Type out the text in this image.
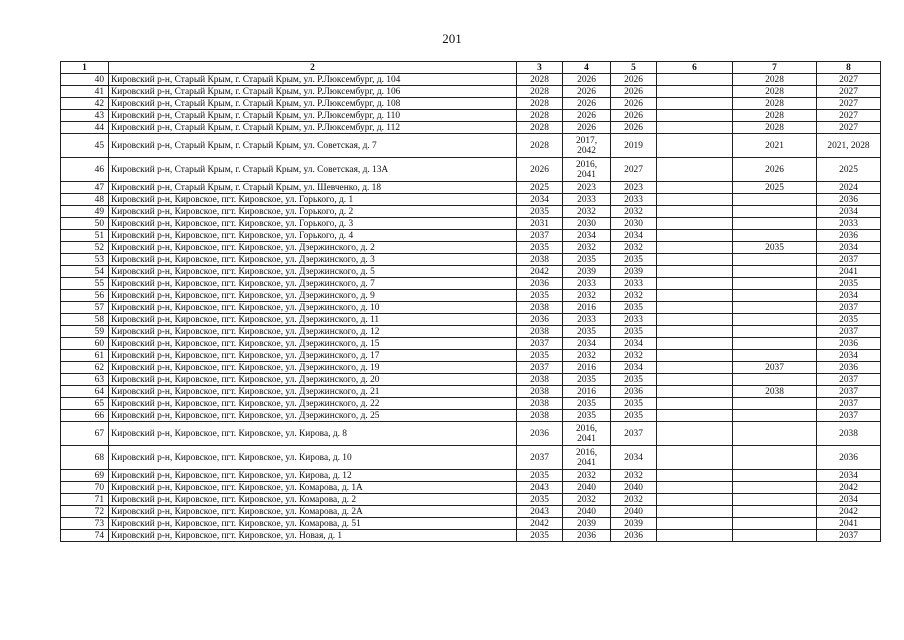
201
1	2	3	4	5	6	7	8
40	Кировский р-н, Старый Крым, г. Старый Крым, ул. Р.Люксембург, д. 104	2028	2026	2026		2028	2027
41	Кировский р-н, Старый Крым, г. Старый Крым, ул. Р.Люксембург, д. 106	2028	2026	2026		2028	2027
42	Кировский р-н, Старый Крым, г. Старый Крым, ул. Р.Люксембург, д. 108	2028	2026	2026		2028	2027
43	Кировский р-н, Старый Крым, г. Старый Крым, ул. Р.Люксембург, д. 110	2028	2026	2026		2028	2027
44	Кировский р-н, Старый Крым, г. Старый Крым, ул. Р.Люксембург, д. 112	2028	2026	2026		2028	2027
45	Кировский р-н, Старый Крым, г. Старый Крым, ул. Советская, д. 7	2028	2017,
2042	2019		2021	2021, 2028
46	Кировский р-н, Старый Крым, г. Старый Крым, ул. Советская, д. 13А	2026	2016,
2041	2027		2026	2025
47	Кировский р-н, Старый Крым, г. Старый Крым, ул. Шевченко, д. 18	2025	2023	2023		2025	2024
48	Кировский р-н, Кировское, пгт. Кировское, ул. Горького, д. 1	2034	2033	2033			2036
49	Кировский р-н, Кировское, пгт. Кировское, ул. Горького, д. 2	2035	2032	2032			2034
50	Кировский р-н, Кировское, пгт. Кировское, ул. Горького, д. 3	2031	2030	2030			2033
51	Кировский р-н, Кировское, пгт. Кировское, ул. Горького, д. 4	2037	2034	2034			2036
52	Кировский р-н, Кировское, пгт. Кировское, ул. Дзержинского, д. 2	2035	2032	2032		2035	2034
53	Кировский р-н, Кировское, пгт. Кировское, ул. Дзержинского, д. 3	2038	2035	2035			2037
54	Кировский р-н, Кировское, пгт. Кировское, ул. Дзержинского, д. 5	2042	2039	2039			2041
55	Кировский р-н, Кировское, пгт. Кировское, ул. Дзержинского, д. 7	2036	2033	2033			2035
56	Кировский р-н, Кировское, пгт. Кировское, ул. Дзержинского, д. 9	2035	2032	2032			2034
57	Кировский р-н, Кировское, пгт. Кировское, ул. Дзержинского, д. 10	2038	2016	2035			2037
58	Кировский р-н, Кировское, пгт. Кировское, ул. Дзержинского, д. 11	2036	2033	2033			2035
59	Кировский р-н, Кировское, пгт. Кировское, ул. Дзержинского, д. 12	2038	2035	2035			2037
60	Кировский р-н, Кировское, пгт. Кировское, ул. Дзержинского, д. 15	2037	2034	2034			2036
61	Кировский р-н, Кировское, пгт. Кировское, ул. Дзержинского, д. 17	2035	2032	2032			2034
62	Кировский р-н, Кировское, пгт. Кировское, ул. Дзержинского, д. 19	2037	2016	2034		2037	2036
63	Кировский р-н, Кировское, пгт. Кировское, ул. Дзержинского, д. 20	2038	2035	2035			2037
64	Кировский р-н, Кировское, пгт. Кировское, ул. Дзержинского, д. 21	2038	2016	2036		2038	2037
65	Кировский р-н, Кировское, пгт. Кировское, ул. Дзержинского, д. 22	2038	2035	2035			2037
66	Кировский р-н, Кировское, пгт. Кировское, ул. Дзержинского, д. 25	2038	2035	2035			2037
67	Кировский р-н, Кировское, пгт. Кировское, ул. Кирова, д. 8	2036	2016,
2041	2037			2038
68	Кировский р-н, Кировское, пгт. Кировское, ул. Кирова, д. 10	2037	2016,
2041	2034			2036
69	Кировский р-н, Кировское, пгт. Кировское, ул. Кирова, д. 12	2035	2032	2032			2034
70	Кировский р-н, Кировское, пгт. Кировское, ул. Комарова, д. 1А	2043	2040	2040			2042
71	Кировский р-н, Кировское, пгт. Кировское, ул. Комарова, д. 2	2035	2032	2032			2034
72	Кировский р-н, Кировское, пгт. Кировское, ул. Комарова, д. 2А	2043	2040	2040			2042
73	Кировский р-н, Кировское, пгт. Кировское, ул. Комарова, д. 51	2042	2039	2039			2041
74	Кировский р-н, Кировское, пгт. Кировское, ул. Новая, д. 1	2035	2036	2036			2037
